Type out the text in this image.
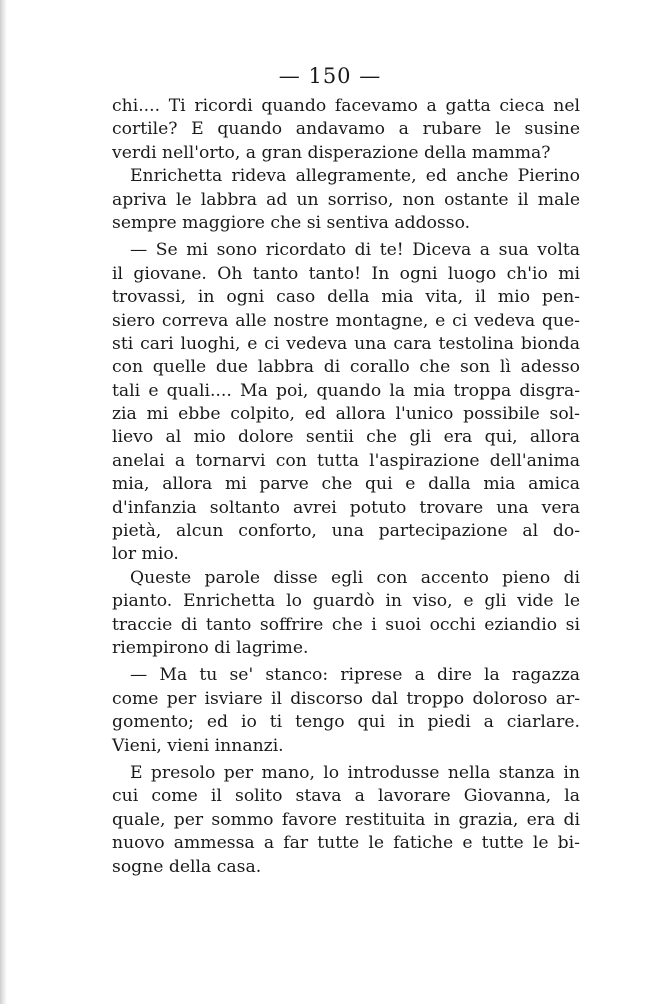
— 150 —
chi.... Ti ricordi quando facevamo a gatta cieca nel
cortile? E quando andavamo a rubare le susine
verdi nell'orto, a gran disperazione della mamma?
Enrichetta rideva allegramente, ed anche Pierino
apriva le labbra ad un sorriso, non ostante il male
sempre maggiore che si sentiva addosso.
— Se mi sono ricordato di te! Diceva a sua volta
il giovane. Oh tanto tanto! In ogni luogo ch'io mi
trovassi, in ogni caso della mia vita, il mio pen-
siero correva alle nostre montagne, e ci vedeva que-
sti cari luoghi, e ci vedeva una cara testolina bionda
con quelle due labbra di corallo che son lì adesso
tali e quali.... Ma poi, quando la mia troppa disgra-
zia mi ebbe colpito, ed allora l'unico possibile sol-
lievo al mio dolore sentii che gli era qui, allora
anelai a tornarvi con tutta l'aspirazione dell'anima
mia, allora mi parve che qui e dalla mia amica
d'infanzia soltanto avrei potuto trovare una vera
pietà, alcun conforto, una partecipazione al do-
lor mio.
Queste parole disse egli con accento pieno di
pianto. Enrichetta lo guardò in viso, e gli vide le
traccie di tanto soffrire che i suoi occhi eziandio si
riempirono di lagrime.
— Ma tu se' stanco: riprese a dire la ragazza
come per isviare il discorso dal troppo doloroso ar-
gomento; ed io ti tengo qui in piedi a ciarlare.
Vieni, vieni innanzi.
E presolo per mano, lo introdusse nella stanza in
cui come il solito stava a lavorare Giovanna, la
quale, per sommo favore restituita in grazia, era di
nuovo ammessa a far tutte le fatiche e tutte le bi-
sogne della casa.
